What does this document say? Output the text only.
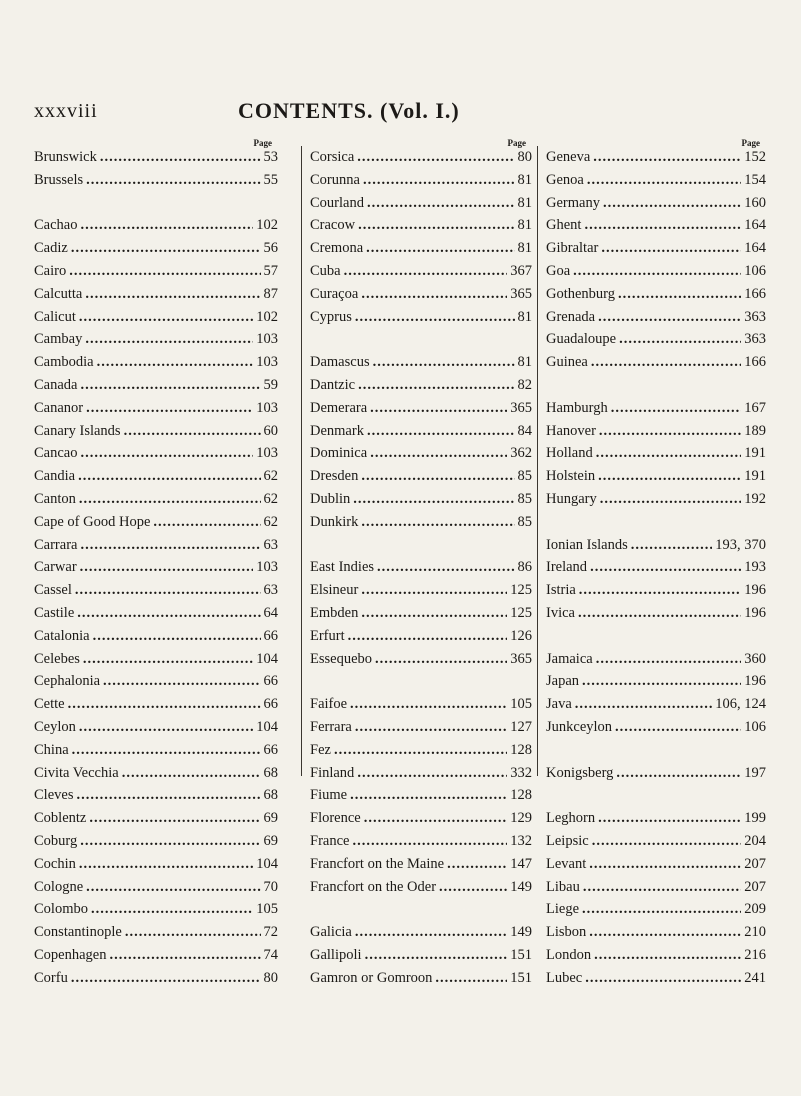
xxxviii	CONTENTS. (Vol. I.)
Page
Brunswick .....	53
Brussels .....	55
Cachao .....	102
Cadiz .....	56
Cairo .....	57
Calcutta .....	87
Calicut .....	102
Cambay .....	103
Cambodia .....	103
Canada .....	59
Cananor .....	103
Canary Islands .....	60
Cancao .....	103
Candia .....	62
Canton .....	62
Cape of Good Hope .....	62
Carrara .....	63
Carwar .....	103
Cassel .....	63
Castile .....	64
Catalonia .....	66
Celebes .....	104
Cephalonia .....	66
Cette .....	66
Ceylon .....	104
China .....	66
Civita Vecchia .....	68
Cleves .....	68
Coblentz .....	69
Coburg .....	69
Cochin .....	104
Cologne .....	70
Colombo .....	105
Constantinople .....	72
Copenhagen .....	74
Corfu .....	80
Page
Corsica .....	80
Corunna .....	81
Courland .....	81
Cracow .....	81
Cremona .....	81
Cuba .....	367
Curaçoa .....	365
Cyprus .....	81
Damascus .....	81
Dantzic .....	82
Demerara .....	365
Denmark .....	84
Dominica .....	362
Dresden .....	85
Dublin .....	85
Dunkirk .....	85
East Indies .....	86
Elsineur .....	125
Embden .....	125
Erfurt .....	126
Essequebo .....	365
Faifoe .....	105
Ferrara .....	127
Fez .....	128
Finland .....	332
Fiume .....	128
Florence .....	129
France .....	132
Francfort on the Maine .....	147
Francfort on the Oder .....	149
Galicia .....	149
Gallipoli .....	151
Gamron or Gomroon .....	151
Page
Geneva .....	152
Genoa .....	154
Germany .....	160
Ghent .....	164
Gibraltar .....	164
Goa .....	106
Gothenburg .....	166
Grenada .....	363
Guadaloupe .....	363
Guinea .....	166
Hamburgh .....	167
Hanover .....	189
Holland .....	191
Holstein .....	191
Hungary .....	192
Ionian Islands .....	193, 370
Ireland .....	193
Istria .....	196
Ivica .....	196
Jamaica .....	360
Japan .....	196
Java .....	106, 124
Junkceylon .....	106
Konigsberg .....	197
Leghorn .....	199
Leipsic .....	204
Levant .....	207
Libau .....	207
Liege .....	209
Lisbon .....	210
London .....	216
Lubec .....	241
